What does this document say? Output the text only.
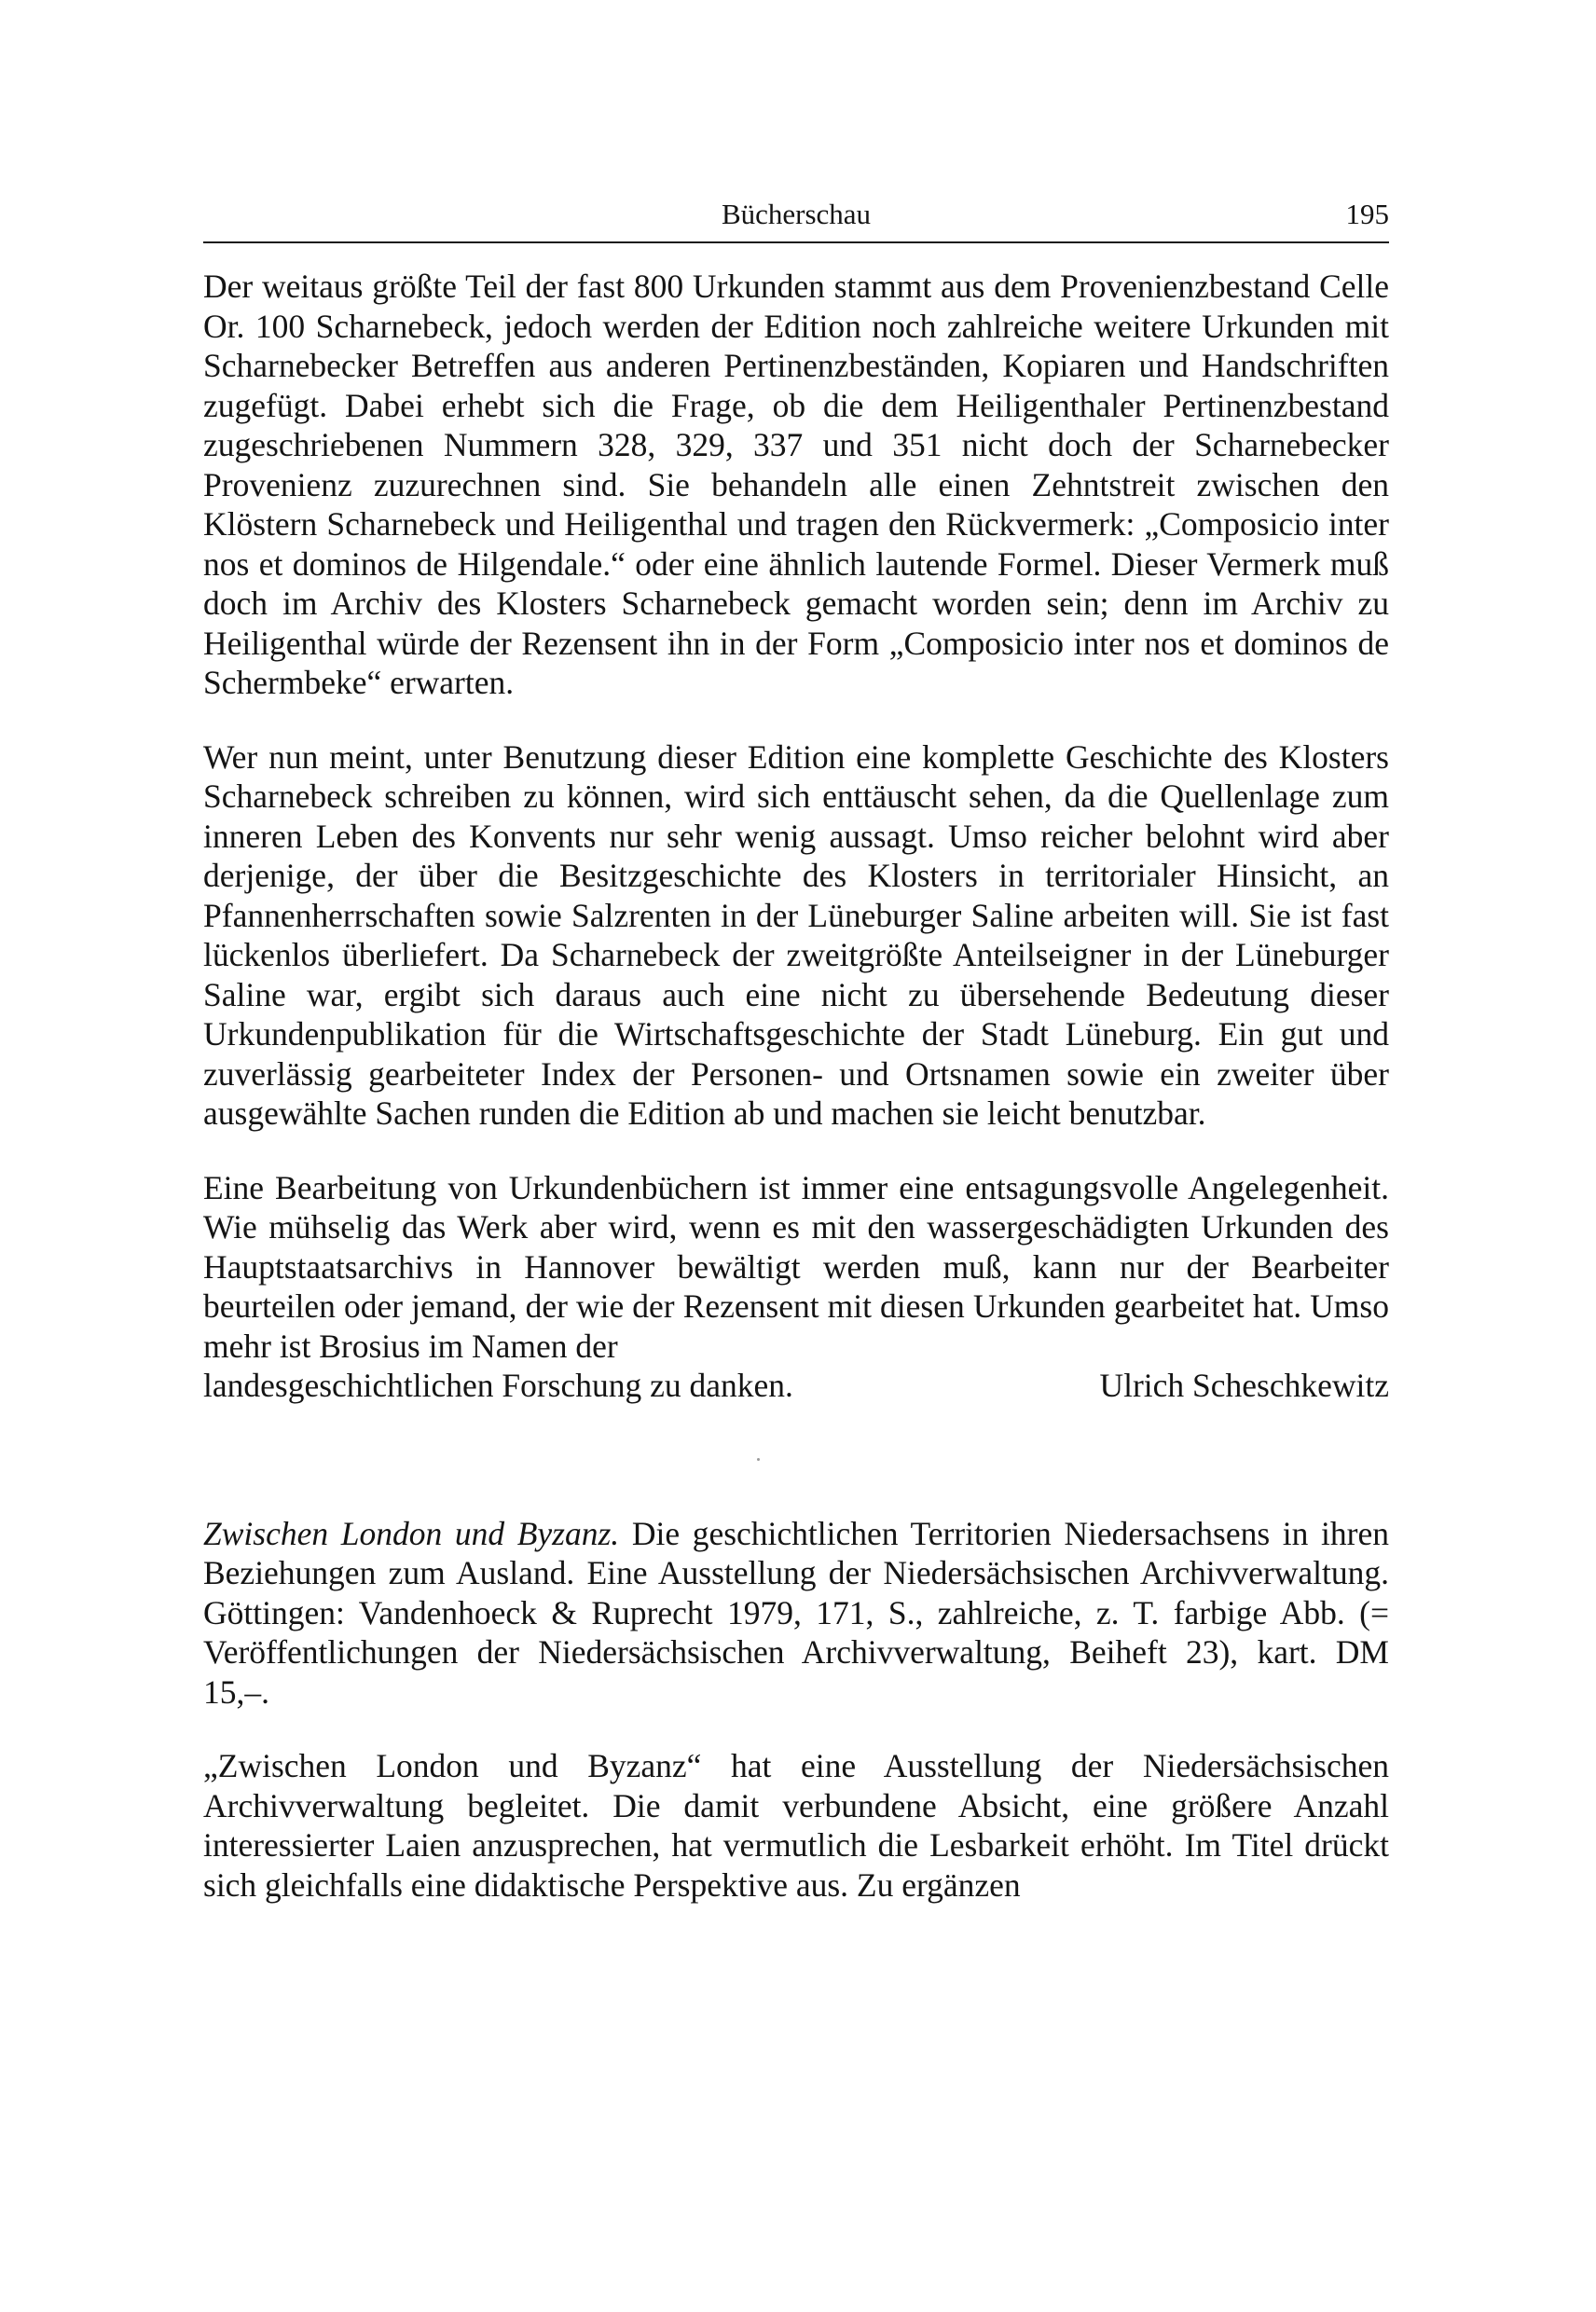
Bücherschau	195

Der weitaus größte Teil der fast 800 Urkunden stammt aus dem Provenienzbestand Celle Or. 100 Scharnebeck, jedoch werden der Edition noch zahlreiche weitere Urkunden mit Scharnebecker Betreffen aus anderen Pertinenzbeständen, Kopiaren und Handschriften zugefügt. Dabei erhebt sich die Frage, ob die dem Heiligenthaler Pertinenzbestand zugeschriebenen Nummern 328, 329, 337 und 351 nicht doch der Scharnebecker Provenienz zuzurechnen sind. Sie behandeln alle einen Zehntstreit zwischen den Klöstern Scharnebeck und Heiligenthal und tragen den Rückvermerk: „Composicio inter nos et dominos de Hilgendale.“ oder eine ähnlich lautende Formel. Dieser Vermerk muß doch im Archiv des Klosters Scharnebeck gemacht worden sein; denn im Archiv zu Heiligenthal würde der Rezensent ihn in der Form „Composicio inter nos et dominos de Schermbeke“ erwarten.

Wer nun meint, unter Benutzung dieser Edition eine komplette Geschichte des Klosters Scharnebeck schreiben zu können, wird sich enttäuscht sehen, da die Quellenlage zum inneren Leben des Konvents nur sehr wenig aussagt. Umso reicher belohnt wird aber derjenige, der über die Besitzgeschichte des Klosters in territorialer Hinsicht, an Pfannenherrschaften sowie Salzrenten in der Lüneburger Saline arbeiten will. Sie ist fast lückenlos überliefert. Da Scharnebeck der zweitgrößte Anteilseigner in der Lüneburger Saline war, ergibt sich daraus auch eine nicht zu übersehende Bedeutung dieser Urkundenpublikation für die Wirtschaftsgeschichte der Stadt Lüneburg. Ein gut und zuverlässig gearbeiteter Index der Personen- und Ortsnamen sowie ein zweiter über ausgewählte Sachen runden die Edition ab und machen sie leicht benutzbar.

Eine Bearbeitung von Urkundenbüchern ist immer eine entsagungsvolle Angelegenheit. Wie mühselig das Werk aber wird, wenn es mit den wassergeschädigten Urkunden des Hauptstaatsarchivs in Hannover bewältigt werden muß, kann nur der Bearbeiter beurteilen oder jemand, der wie der Rezensent mit diesen Urkunden gearbeitet hat. Umso mehr ist Brosius im Namen der

landesgeschichtlichen Forschung zu danken.	Ulrich Scheschkewitz

Zwischen London und Byzanz. Die geschichtlichen Territorien Niedersachsens in ihren Beziehungen zum Ausland. Eine Ausstellung der Niedersächsischen Archivverwaltung. Göttingen: Vandenhoeck & Ruprecht 1979, 171, S., zahlreiche, z. T. farbige Abb. (= Veröffentlichungen der Niedersächsischen Archivverwaltung, Beiheft 23), kart. DM 15,–.

„Zwischen London und Byzanz“ hat eine Ausstellung der Niedersächsischen Archivverwaltung begleitet. Die damit verbundene Absicht, eine größere Anzahl interessierter Laien anzusprechen, hat vermutlich die Lesbarkeit erhöht. Im Titel drückt sich gleichfalls eine didaktische Perspektive aus. Zu ergänzen
